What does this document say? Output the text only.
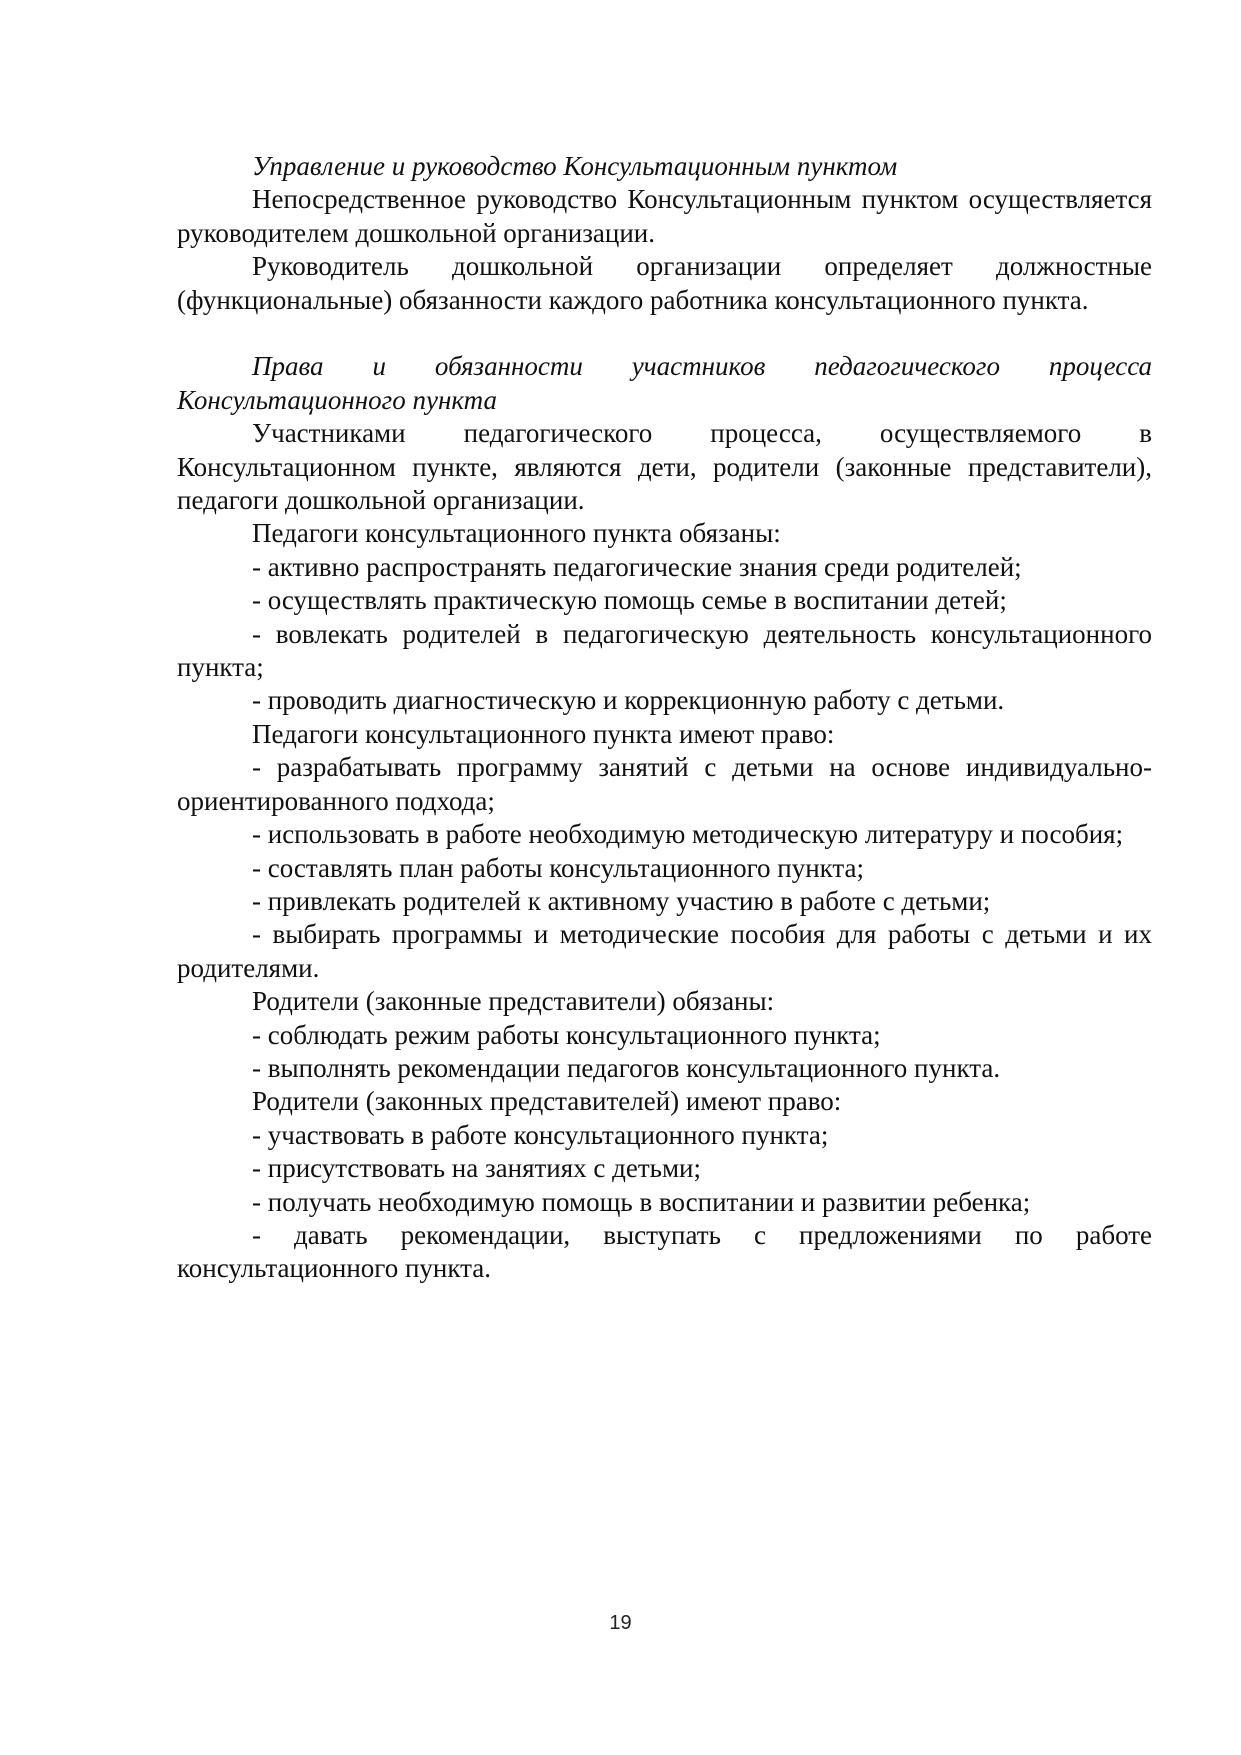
Управление и руководство Консультационным пунктом

Непосредственное руководство Консультационным пунктом осуществляется руководителем дошкольной организации.

Руководитель дошкольной организации определяет должностные (функциональные) обязанности каждого работника консультационного пункта.

Права и обязанности участников педагогического процесса Консультационного пункта

Участниками педагогического процесса, осуществляемого в Консультационном пункте, являются дети, родители (законные представители), педагоги дошкольной организации.

Педагоги консультационного пункта обязаны:

- активно распространять педагогические знания среди родителей;

- осуществлять практическую помощь семье в воспитании детей;

- вовлекать родителей в педагогическую деятельность консультационного пункта;

- проводить диагностическую и коррекционную работу с детьми.

Педагоги консультационного пункта имеют право:

- разрабатывать программу занятий с детьми на основе индивидуально-ориентированного подхода;

- использовать в работе необходимую методическую литературу и пособия;

- составлять план работы консультационного пункта;

- привлекать родителей к активному участию в работе с детьми;

- выбирать программы и методические пособия для работы с детьми и их родителями.

Родители (законные представители) обязаны:

- соблюдать режим работы консультационного пункта;

- выполнять рекомендации педагогов консультационного пункта.

Родители (законных представителей) имеют право:

- участвовать в работе консультационного пункта;

- присутствовать на занятиях с детьми;

- получать необходимую помощь в воспитании и развитии ребенка;

- давать рекомендации, выступать с предложениями по работе консультационного пункта.

19
